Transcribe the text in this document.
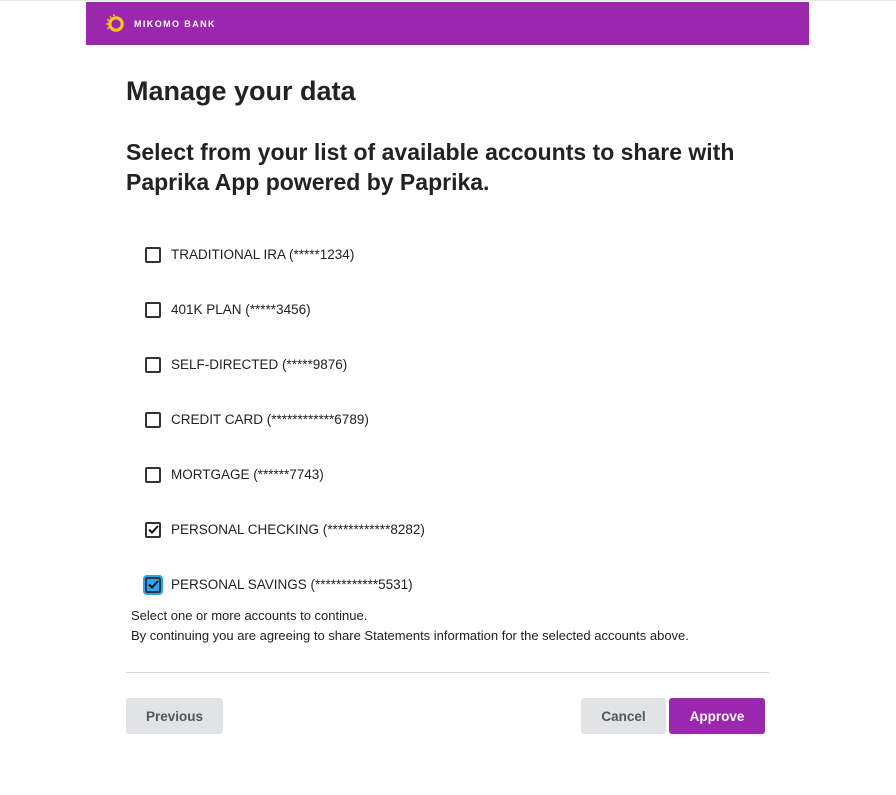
MIKOMO BANK
Manage your data
Select from your list of available accounts to share with Paprika App powered by Paprika.
TRADITIONAL IRA (*****1234)
401K PLAN (*****3456)
SELF-DIRECTED (*****9876)
CREDIT CARD (************6789)
MORTGAGE (******7743)
PERSONAL CHECKING (************8282)
PERSONAL SAVINGS (************5531)
Select one or more accounts to continue.
By continuing you are agreeing to share Statements information for the selected accounts above.
Previous	Cancel	Approve
